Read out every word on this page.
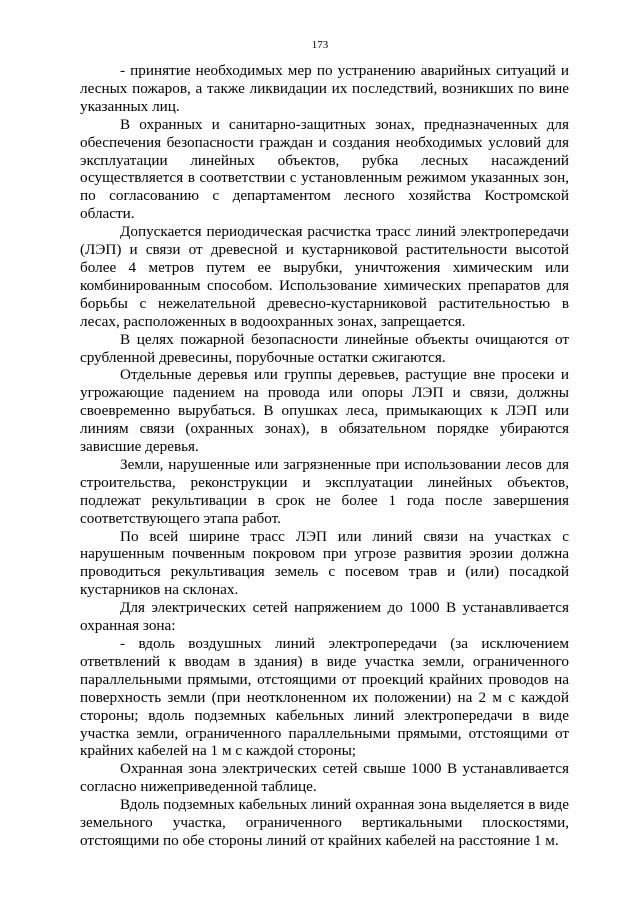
173

- принятие необходимых мер по устранению аварийных ситуаций и лесных пожаров, а также ликвидации их последствий, возникших по вине указанных лиц.

В охранных и санитарно-защитных зонах, предназначенных для обеспечения безопасности граждан и создания необходимых условий для эксплуатации линейных объектов, рубка лесных насаждений осуществляется в соответствии с установленным режимом указанных зон, по согласованию с департаментом лесного хозяйства Костромской области.

Допускается периодическая расчистка трасс линий электропередачи (ЛЭП) и связи от древесной и кустарниковой растительности высотой более 4 метров путем ее вырубки, уничтожения химическим или комбинированным способом. Использование химических препаратов для борьбы с нежелательной древесно-кустарниковой растительностью в лесах, расположенных в водоохранных зонах, запрещается.

В целях пожарной безопасности линейные объекты очищаются от срубленной древесины, порубочные остатки сжигаются.

Отдельные деревья или группы деревьев, растущие вне просеки и угрожающие падением на провода или опоры ЛЭП и связи, должны своевременно вырубаться. В опушках леса, примыкающих к ЛЭП или линиям связи (охранных зонах), в обязательном порядке убираются зависшие деревья.

Земли, нарушенные или загрязненные при использовании лесов для строительства, реконструкции и эксплуатации линейных объектов, подлежат рекультивации в срок не более 1 года после завершения соответствующего этапа работ.

По всей ширине трасс ЛЭП или линий связи на участках с нарушенным почвенным покровом при угрозе развития эрозии должна проводиться рекультивация земель с посевом трав и (или) посадкой кустарников на склонах.

Для электрических сетей напряжением до 1000 В устанавливается охранная зона:

- вдоль воздушных линий электропередачи (за исключением ответвлений к вводам в здания) в виде участка земли, ограниченного параллельными прямыми, отстоящими от проекций крайних проводов на поверхность земли (при неотклоненном их положении) на 2 м с каждой стороны; вдоль подземных кабельных линий электропередачи в виде участка земли, ограниченного параллельными прямыми, отстоящими от крайних кабелей на 1 м с каждой стороны;

Охранная зона электрических сетей свыше 1000 В устанавливается согласно нижеприведенной таблице.

Вдоль подземных кабельных линий охранная зона выделяется в виде земельного участка, ограниченного вертикальными плоскостями, отстоящими по обе стороны линий от крайних кабелей на расстояние 1 м.
